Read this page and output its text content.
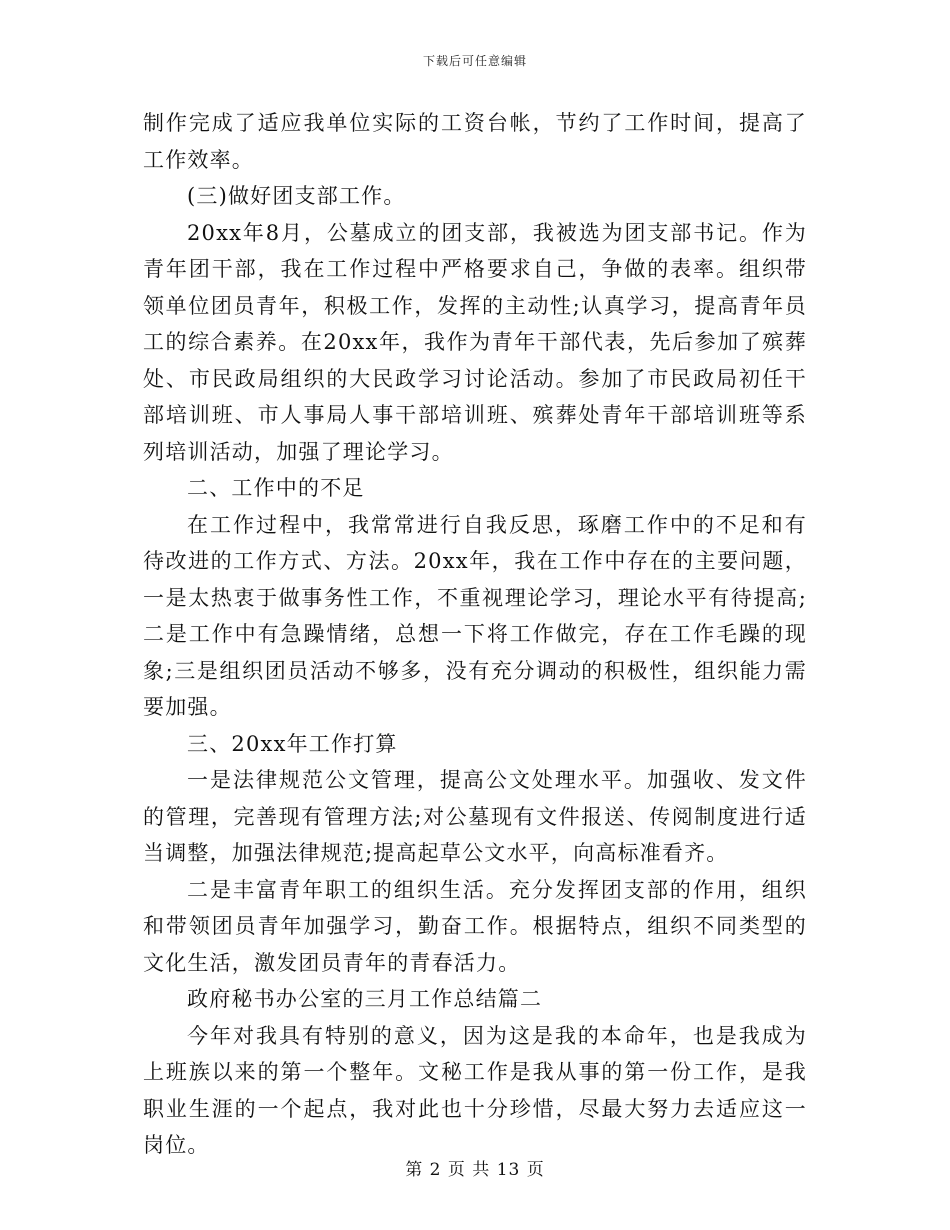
下载后可任意编辑

制作完成了适应我单位实际的工资台帐，节约了工作时间，提高了工作效率。

(三)做好团支部工作。

20xx年8月，公墓成立的团支部，我被选为团支部书记。作为青年团干部，我在工作过程中严格要求自己，争做的表率。组织带领单位团员青年，积极工作，发挥的主动性;认真学习，提高青年员工的综合素养。在20xx年，我作为青年干部代表，先后参加了殡葬处、市民政局组织的大民政学习讨论活动。参加了市民政局初任干部培训班、市人事局人事干部培训班、殡葬处青年干部培训班等系列培训活动，加强了理论学习。

二、工作中的不足

在工作过程中，我常常进行自我反思，琢磨工作中的不足和有待改进的工作方式、方法。20xx年，我在工作中存在的主要问题，一是太热衷于做事务性工作，不重视理论学习，理论水平有待提高;二是工作中有急躁情绪，总想一下将工作做完，存在工作毛躁的现象;三是组织团员活动不够多，没有充分调动的积极性，组织能力需要加强。

三、20xx年工作打算

一是法律规范公文管理，提高公文处理水平。加强收、发文件的管理，完善现有管理方法;对公墓现有文件报送、传阅制度进行适当调整，加强法律规范;提高起草公文水平，向高标准看齐。

二是丰富青年职工的组织生活。充分发挥团支部的作用，组织和带领团员青年加强学习，勤奋工作。根据特点，组织不同类型的文化生活，激发团员青年的青春活力。

政府秘书办公室的三月工作总结篇二

今年对我具有特别的意义，因为这是我的本命年，也是我成为上班族以来的第一个整年。文秘工作是我从事的第一份工作，是我职业生涯的一个起点，我对此也十分珍惜，尽最大努力去适应这一岗位。

第 2 页 共 13 页
